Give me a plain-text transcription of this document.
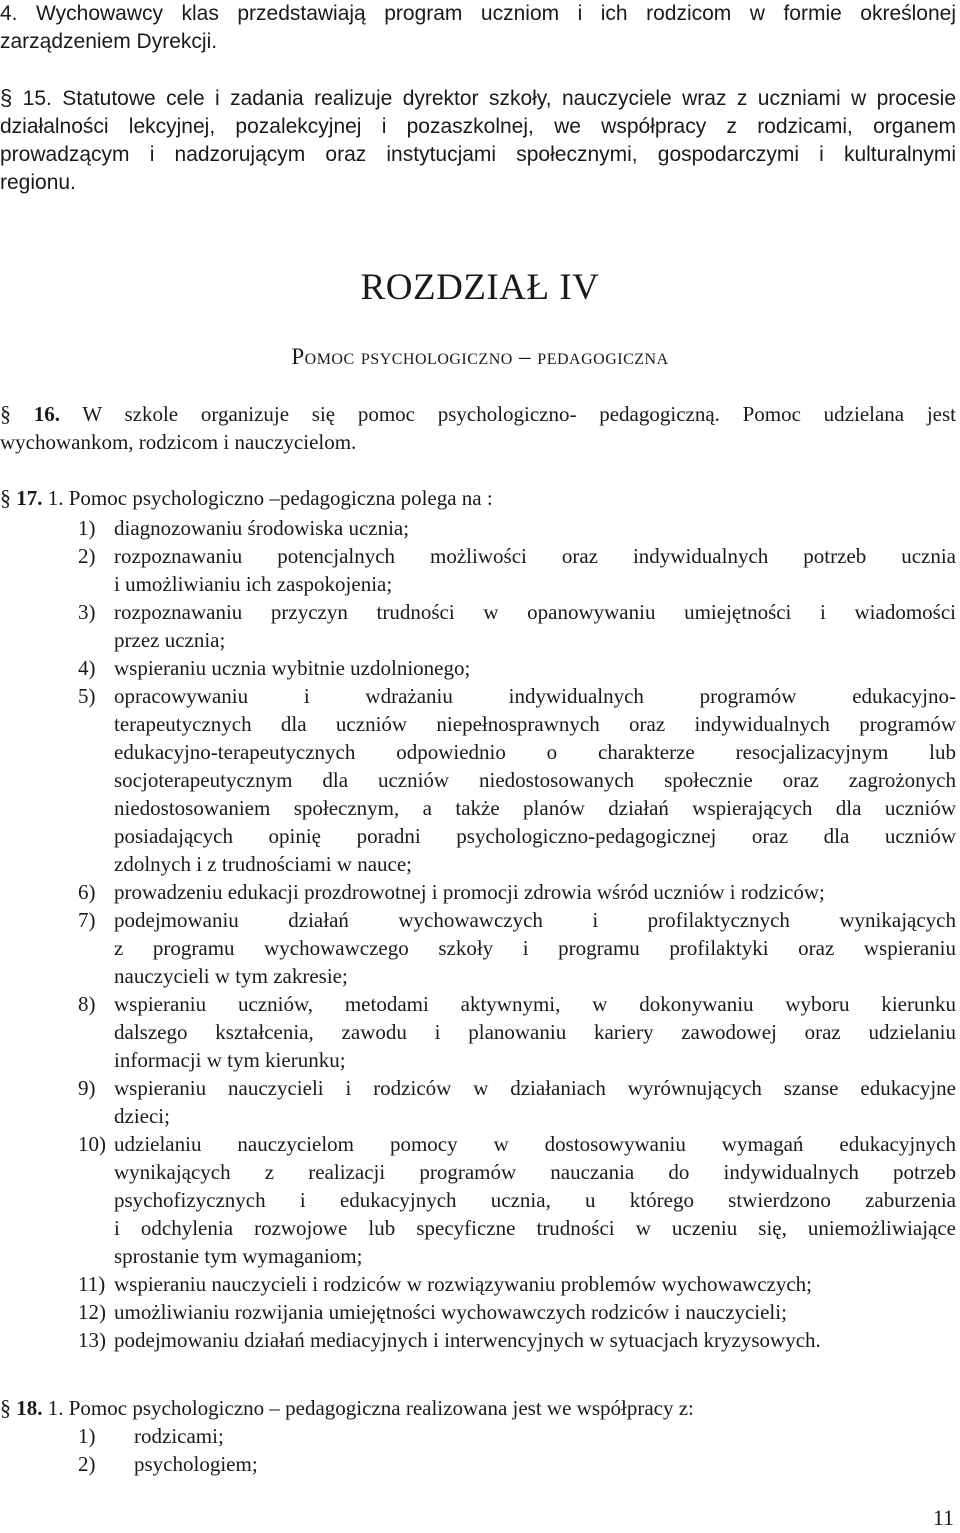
4. Wychowawcy klas przedstawiają program uczniom i ich rodzicom w formie określonej
zarządzeniem Dyrekcji.
§ 15. Statutowe cele i zadania realizuje dyrektor szkoły, nauczyciele wraz z uczniami w procesie
działalności lekcyjnej, pozalekcyjnej i pozaszkolnej, we współpracy z rodzicami, organem
prowadzącym i nadzorującym oraz instytucjami społecznymi, gospodarczymi i kulturalnymi
regionu.
ROZDZIAŁ IV
Pomoc psychologiczno – pedagogiczna
§ 16. W szkole organizuje się pomoc psychologiczno- pedagogiczną. Pomoc udzielana jest
wychowankom, rodzicom i nauczycielom.
§ 17. 1. Pomoc psychologiczno –pedagogiczna polega na :
1) diagnozowaniu środowiska ucznia;
2) rozpoznawaniu potencjalnych możliwości oraz indywidualnych potrzeb ucznia
i umożliwianiu ich zaspokojenia;
3) rozpoznawaniu przyczyn trudności w opanowywaniu umiejętności i wiadomości
przez ucznia;
4) wspieraniu ucznia wybitnie uzdolnionego;
5) opracowywaniu i wdrażaniu indywidualnych programów edukacyjno-
terapeutycznych dla uczniów niepełnosprawnych oraz indywidualnych programów
edukacyjno-terapeutycznych odpowiednio o charakterze resocjalizacyjnym lub
socjoterapeutycznym dla uczniów niedostosowanych społecznie oraz zagrożonych
niedostosowaniem społecznym, a także planów działań wspierających dla uczniów
posiadających opinię poradni psychologiczno-pedagogicznej oraz dla uczniów
zdolnych i z trudnościami w nauce;
6) prowadzeniu edukacji prozdrowotnej i promocji zdrowia wśród uczniów i rodziców;
7) podejmowaniu działań wychowawczych i profilaktycznych wynikających
z programu wychowawczego szkoły i programu profilaktyki oraz wspieraniu
nauczycieli w tym zakresie;
8) wspieraniu uczniów, metodami aktywnymi, w dokonywaniu wyboru kierunku
dalszego kształcenia, zawodu i planowaniu kariery zawodowej oraz udzielaniu
informacji w tym kierunku;
9) wspieraniu nauczycieli i rodziców w działaniach wyrównujących szanse edukacyjne
dzieci;
10) udzielaniu nauczycielom pomocy w dostosowywaniu wymagań edukacyjnych
wynikających z realizacji programów nauczania do indywidualnych potrzeb
psychofizycznych i edukacyjnych ucznia, u którego stwierdzono zaburzenia
i odchylenia rozwojowe lub specyficzne trudności w uczeniu się, uniemożliwiające
sprostanie tym wymaganiom;
11) wspieraniu nauczycieli i rodziców w rozwiązywaniu problemów wychowawczych;
12) umożliwianiu rozwijania umiejętności wychowawczych rodziców i nauczycieli;
13) podejmowaniu działań mediacyjnych i interwencyjnych w sytuacjach kryzysowych.
§ 18. 1. Pomoc psychologiczno – pedagogiczna realizowana jest we współpracy z:
1)	rodzicami;
2)	psychologiem;
11
